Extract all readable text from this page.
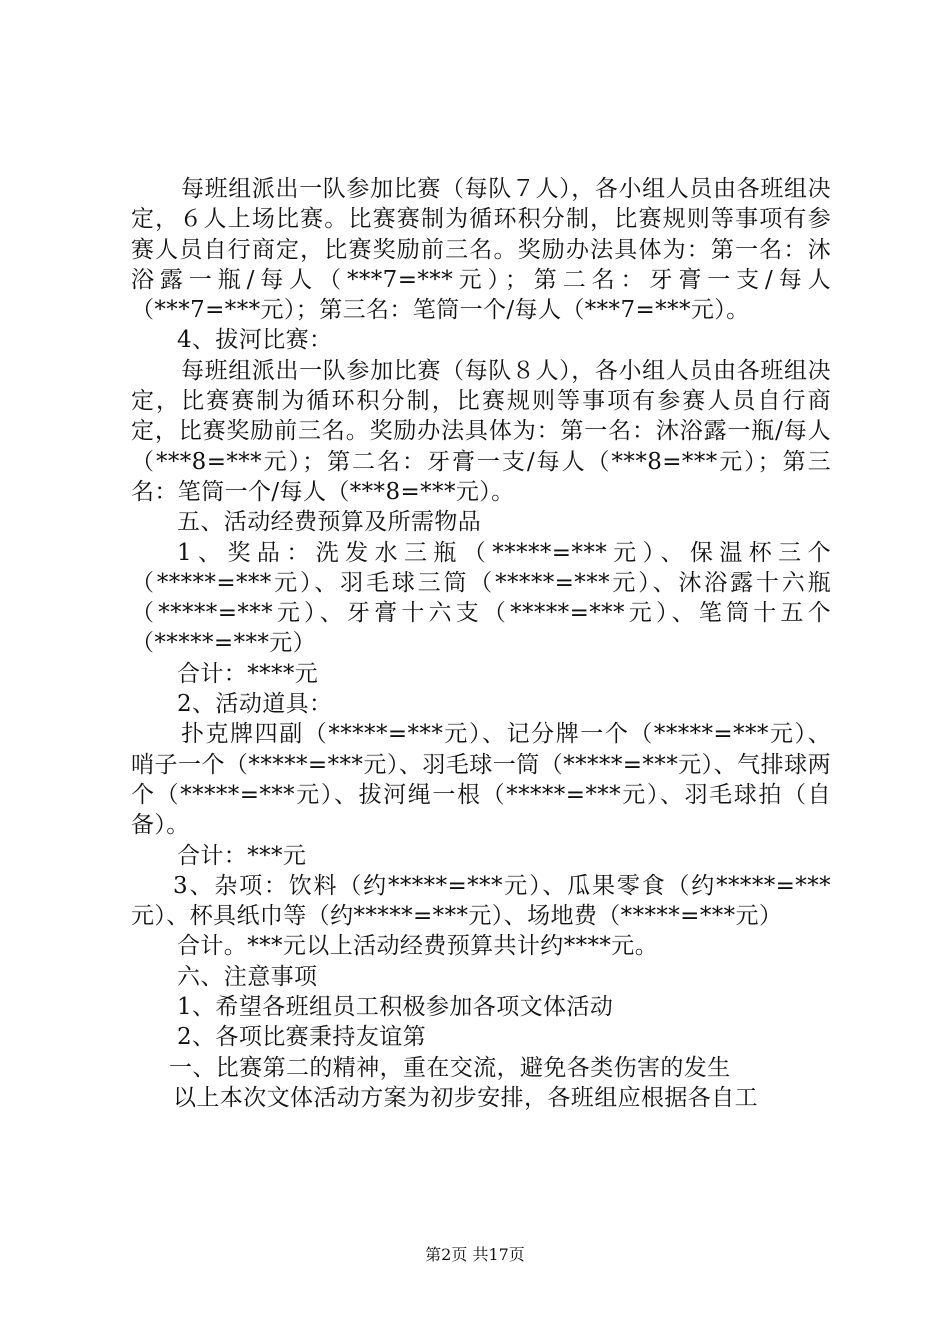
每班组派出一队参加比赛（每队７人），各小组人员由各班组决定，６人上场比赛。比赛赛制为循环积分制，比赛规则等事项有参赛人员自行商定，比赛奖励前三名。奖励办法具体为：第一名：沐浴露一瓶/每人（***7=***元）；第二名：牙膏一支/每人（***7=***元）；第三名：笔筒一个/每人（***7=***元）。

4、拔河比赛：

每班组派出一队参加比赛（每队８人），各小组人员由各班组决定，比赛赛制为循环积分制，比赛规则等事项有参赛人员自行商定，比赛奖励前三名。奖励办法具体为：第一名：沐浴露一瓶/每人（***8=***元）；第二名：牙膏一支/每人（***8=***元）；第三名：笔筒一个/每人（***8=***元）。

五、活动经费预算及所需物品

1、奖品：洗发水三瓶（*****=***元）、保温杯三个（*****=***元）、羽毛球三筒（*****=***元）、沐浴露十六瓶（*****=***元）、牙膏十六支（*****=***元）、笔筒十五个（*****=***元）

合计：****元

2、活动道具：

扑克牌四副（*****=***元）、记分牌一个（*****=***元）、哨子一个（*****=***元）、羽毛球一筒（*****=***元）、气排球两个（*****=***元）、拔河绳一根（*****=***元）、羽毛球拍（自备）。

合计：***元

3、杂项：饮料（约*****=***元）、瓜果零食（约*****=***元）、杯具纸巾等（约*****=***元）、场地费（*****=***元）

合计。***元以上活动经费预算共计约****元。

六、注意事项

1、希望各班组员工积极参加各项文体活动

2、各项比赛秉持友谊第

一、比赛第二的精神，重在交流，避免各类伤害的发生

以上本次文体活动方案为初步安排，各班组应根据各自工

第2页 共17页
